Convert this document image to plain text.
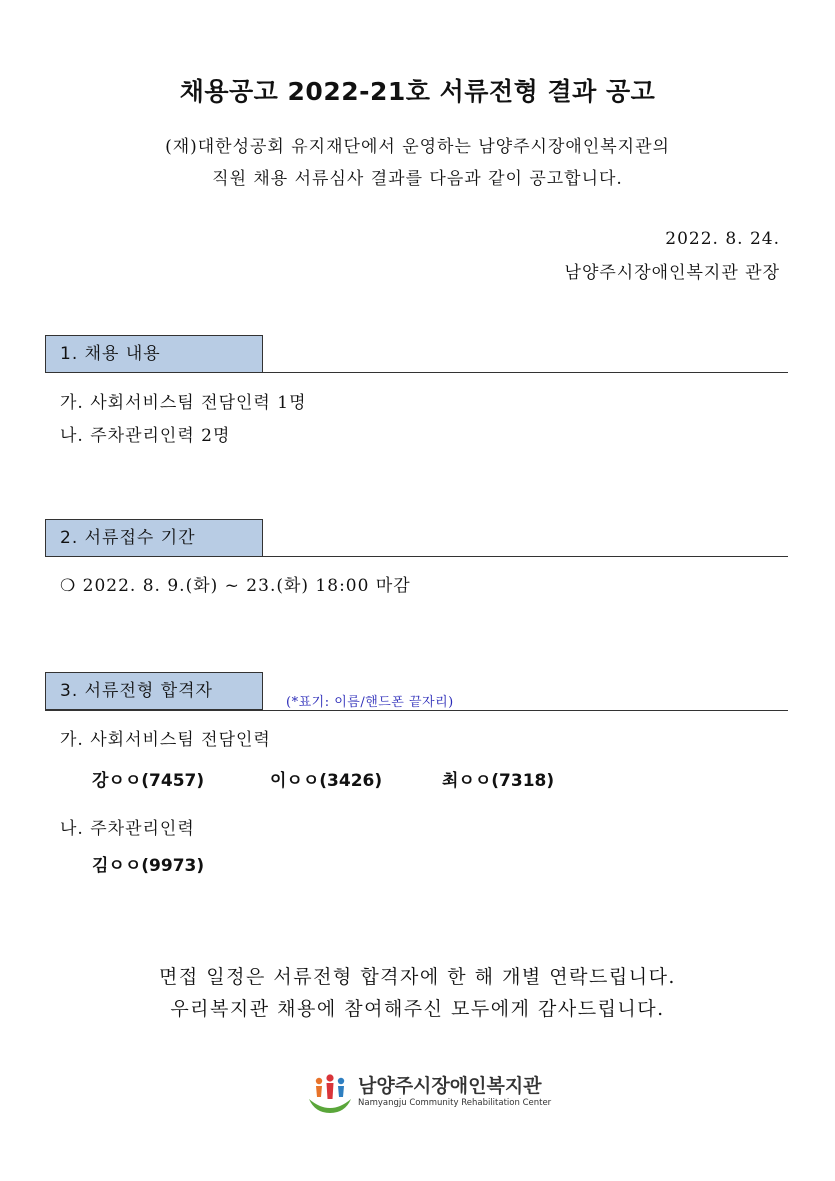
채용공고 2022-21호 서류전형 결과 공고
(재)대한성공회 유지재단에서 운영하는 남양주시장애인복지관의
직원 채용 서류심사 결과를 다음과 같이 공고합니다.
2022. 8. 24.
남양주시장애인복지관 관장
1. 채용 내용
가. 사회서비스팀 전담인력 1명
나. 주차관리인력 2명
2. 서류접수 기간
❍ 2022. 8. 9.(화) ~ 23.(화) 18:00 마감
3. 서류전형 합격자
(*표기: 이름/핸드폰 끝자리)
가. 사회서비스팀 전담인력
강ㅇㅇ(7457)	이ㅇㅇ(3426)	최ㅇㅇ(7318)
나. 주차관리인력
김ㅇㅇ(9973)
면접 일정은 서류전형 합격자에 한 해 개별 연락드립니다.
우리복지관 채용에 참여해주신 모두에게 감사드립니다.
남양주시장애인복지관
Namyangju Community Rehabilitation Center
